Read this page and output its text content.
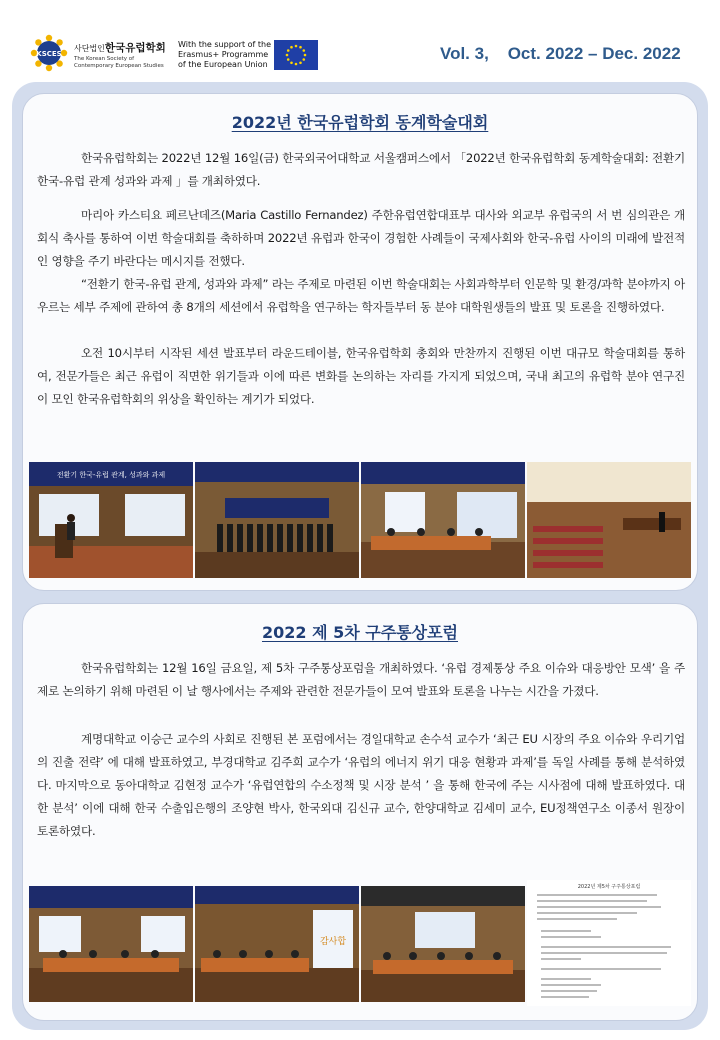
KSCES
사단법인한국유럽학회
The Korean Society of Contemporary European Studies
With the support of the Erasmus+ Programme of the European Union
Vol. 3,    Oct. 2022 – Dec. 2022
2022년 한국유럽학회 동계학술대회

한국유럽학회는 2022년 12월 16일(금) 한국외국어대학교 서울캠퍼스에서 「2022년 한국유럽학회 동계학술대회: 전환기 한국-유럽 관계 성과와 과제 」를 개최하였다.

마리아 카스티요 페르난데즈(Maria Castillo Fernandez) 주한유럽연합대표부 대사와 외교부 유럽국의 서 번 심의관은 개회식 축사를 통하여 이번 학술대회를 축하하며 2022년 유럽과 한국이 경험한 사례들이 국제사회와 한국-유럽 사이의 미래에 발전적인 영향을 주기 바란다는 메시지를 전했다.

“전환기 한국-유럽 관계, 성과와 과제” 라는 주제로 마련된 이번 학술대회는 사회과학부터 인문학 및 환경/과학 분야까지 아우르는 세부 주제에 관하여 총 8개의 세션에서 유럽학을 연구하는 학자들부터 동 분야 대학원생들의 발표 및 토론을 진행하였다.

오전 10시부터 시작된 세션 발표부터 라운드테이블, 한국유럽학회 총회와 만찬까지 진행된 이번 대규모 학술대회를 통하여, 전문가들은 최근 유럽이 직면한 위기들과 이에 따른 변화를 논의하는 자리를 가지게 되었으며, 국내 최고의 유럽학 분야 연구진이 모인 한국유럽학회의 위상을 확인하는 계기가 되었다.

전환기 한국-유럽 관계, 성과와 과제
2022 제 5차 구주통상포럼

한국유럽학회는 12월 16일 금요일, 제 5차 구주통상포럼을 개최하였다. ‘유럽 경제통상 주요 이슈와 대응방안 모색’ 을 주제로 논의하기 위해 마련된 이 날 행사에서는 주제와 관련한 전문가들이 모여 발표와 토론을 나누는 시간을 가졌다.

계명대학교 이승근 교수의 사회로 진행된 본 포럼에서는 경일대학교 손수석 교수가 ‘최근 EU 시장의 주요 이슈와 우리기업의 진출 전략’ 에 대해 발표하였고, 부경대학교 김주희 교수가 ‘유럽의 에너지 위기 대응 현황과 과제’를 독일 사례를 통해 분석하였다. 마지막으로 동아대학교 김현정 교수가 ‘유럽연합의 수소정책 및 시장 분석 ’ 을 통해 한국에 주는 시사점에 대해 발표하였다. 대한 분석’ 이에 대해 한국 수출입은행의 조양현 박사, 한국외대 김신규 교수, 한양대학교 김세미 교수, EU정책연구소 이종서 원장이 토론하였다.

감사합
2022년 제5차 구주통상포럼
